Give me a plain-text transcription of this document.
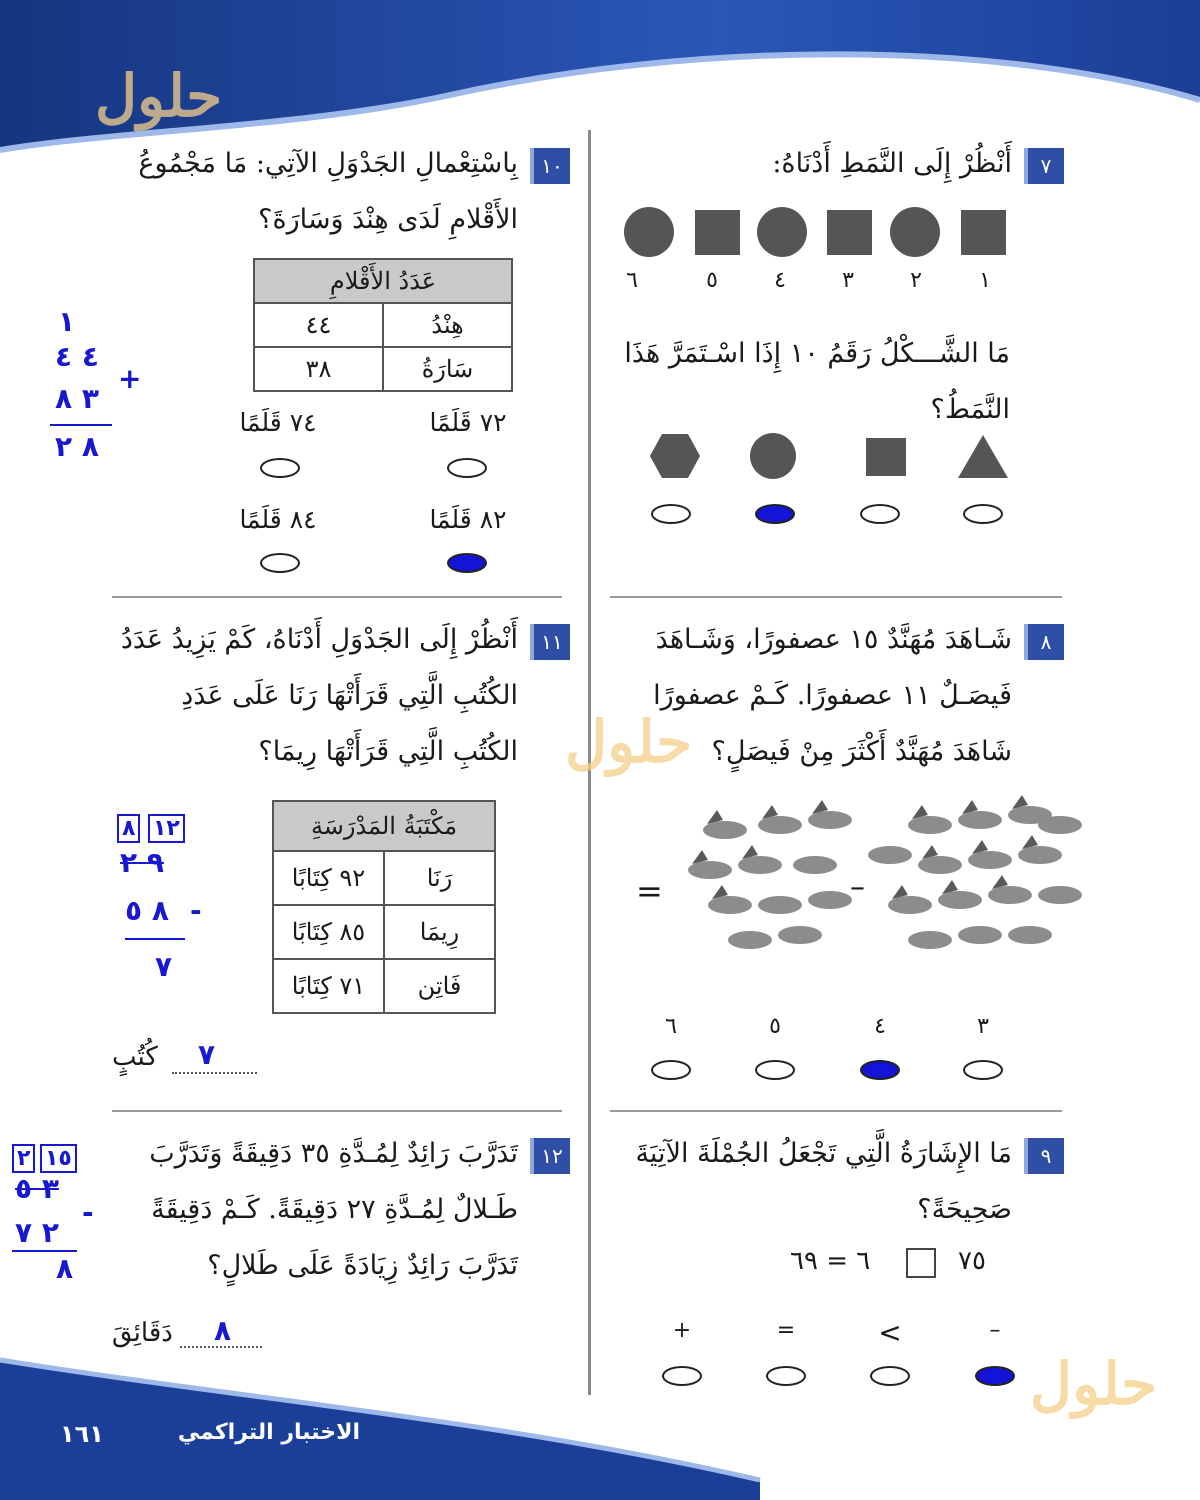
الاختبار التراكمي
١٦١
حلول
حلول
حلول
٧
أَنْظُرْ إِلَى النَّمَطِ أَدْنَاهُ:
١
٢
٣
٤
٥
٦
مَا الشَّـــكْلُ رَقَمُ ١٠ إِذَا اسْـتَمَرَّ هَذَا النَّمَطُ؟
١٠
بِاسْتِعْمالِ الجَدْوَلِ الآتِي: مَا مَجْمُوعُ الأَقْلامِ لَدَى هِنْدَ وَسَارَةَ؟
عَدَدُ الأَقْلامِ	
هِنْدُ	٤٤
سَارَةُ	٣٨
٧٢ قَلَمًا
٧٤ قَلَمًا
٨٢ قَلَمًا
٨٤ قَلَمًا
١
٤ ٤
+
٣ ٨
٨ ٢
٨
شَـاهَدَ مُهَنَّدٌ ١٥ عصفورًا، وَشَـاهَدَ فَيصَـلٌ ١١ عصفورًا. كَـمْ عصفورًا شَاهَدَ مُهَنَّدٌ أَكْثَرَ مِنْ فَيصَلٍ؟
–
=
٣
٤
٥
٦
١١
أَنْظُرْ إِلَى الجَدْوَلِ أَدْنَاهُ، كَمْ يَزِيدُ عَدَدُ الكُتُبِ الَّتِي قَرَأَتْهَا رَنَا عَلَى عَدَدِ الكُتُبِ الَّتِي قَرَأَتْهَا رِيمَا؟
مَكْتَبَةُ المَدْرَسَةِ	
رَنَا	٩٢ كِتَابًا
رِيمَا	٨٥ كِتَابًا
فَاتِن	٧١ كِتَابًا
٨ ١٢
٩ ٢
٨ ٥ -
٧
٧
كُتُبٍ
٩
مَا الإِشَارَةُ الَّتِي تَجْعَلُ الجُمْلَةَ الآتِيَةَ صَحِيحَةً؟
٧٥
٦ = ٦٩
–
<
=
+
١٢
تَدَرَّبَ رَائِدٌ لِمُـدَّةِ ٣٥ دَقِيقَةً وَتَدَرَّبَ طَـلالٌ لِمُـدَّةِ ٢٧ دَقِيقَةً. كَـمْ دَقِيقَةً تَدَرَّبَ رَائِدٌ زِيَادَةً عَلَى طَلالٍ؟
٢ ١٥
٣ ٥
٢ ٧
-
٨
٨
دَقَائِقَ
